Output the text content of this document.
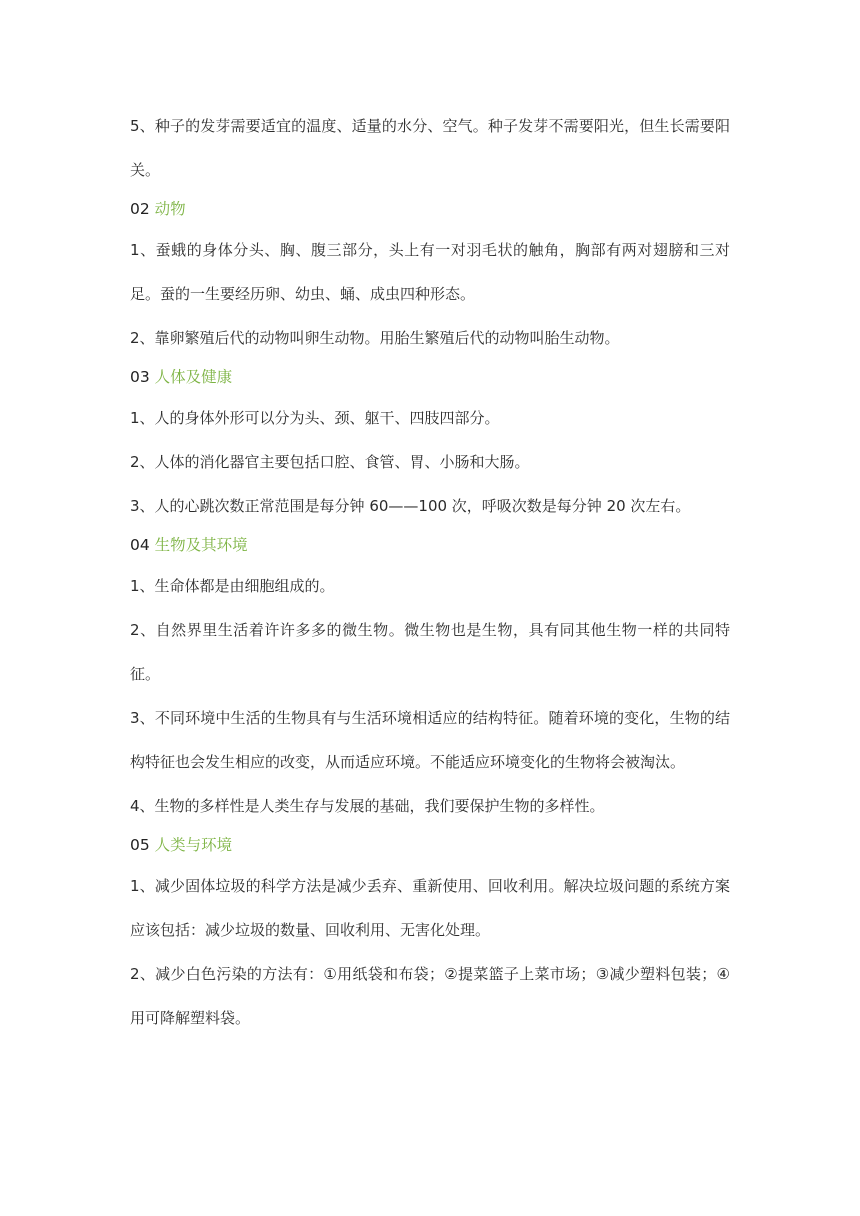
5、种子的发芽需要适宜的温度、适量的水分、空气。种子发芽不需要阳光，但生长需要阳关。

02 动物

1、蚕蛾的身体分头、胸、腹三部分，头上有一对羽毛状的触角，胸部有两对翅膀和三对足。蚕的一生要经历卵、幼虫、蛹、成虫四种形态。

2、靠卵繁殖后代的动物叫卵生动物。用胎生繁殖后代的动物叫胎生动物。

03 人体及健康

1、人的身体外形可以分为头、颈、躯干、四肢四部分。

2、人体的消化器官主要包括口腔、食管、胃、小肠和大肠。

3、人的心跳次数正常范围是每分钟 60——100 次，呼吸次数是每分钟 20 次左右。

04 生物及其环境

1、生命体都是由细胞组成的。

2、自然界里生活着许许多多的微生物。微生物也是生物，具有同其他生物一样的共同特征。

3、不同环境中生活的生物具有与生活环境相适应的结构特征。随着环境的变化，生物的结构特征也会发生相应的改变，从而适应环境。不能适应环境变化的生物将会被淘汰。

4、生物的多样性是人类生存与发展的基础，我们要保护生物的多样性。

05 人类与环境

1、减少固体垃圾的科学方法是减少丢弃、重新使用、回收利用。解决垃圾问题的系统方案应该包括：减少垃圾的数量、回收利用、无害化处理。

2、减少白色污染的方法有：①用纸袋和布袋；②提菜篮子上菜市场；③减少塑料包装；④用可降解塑料袋。
